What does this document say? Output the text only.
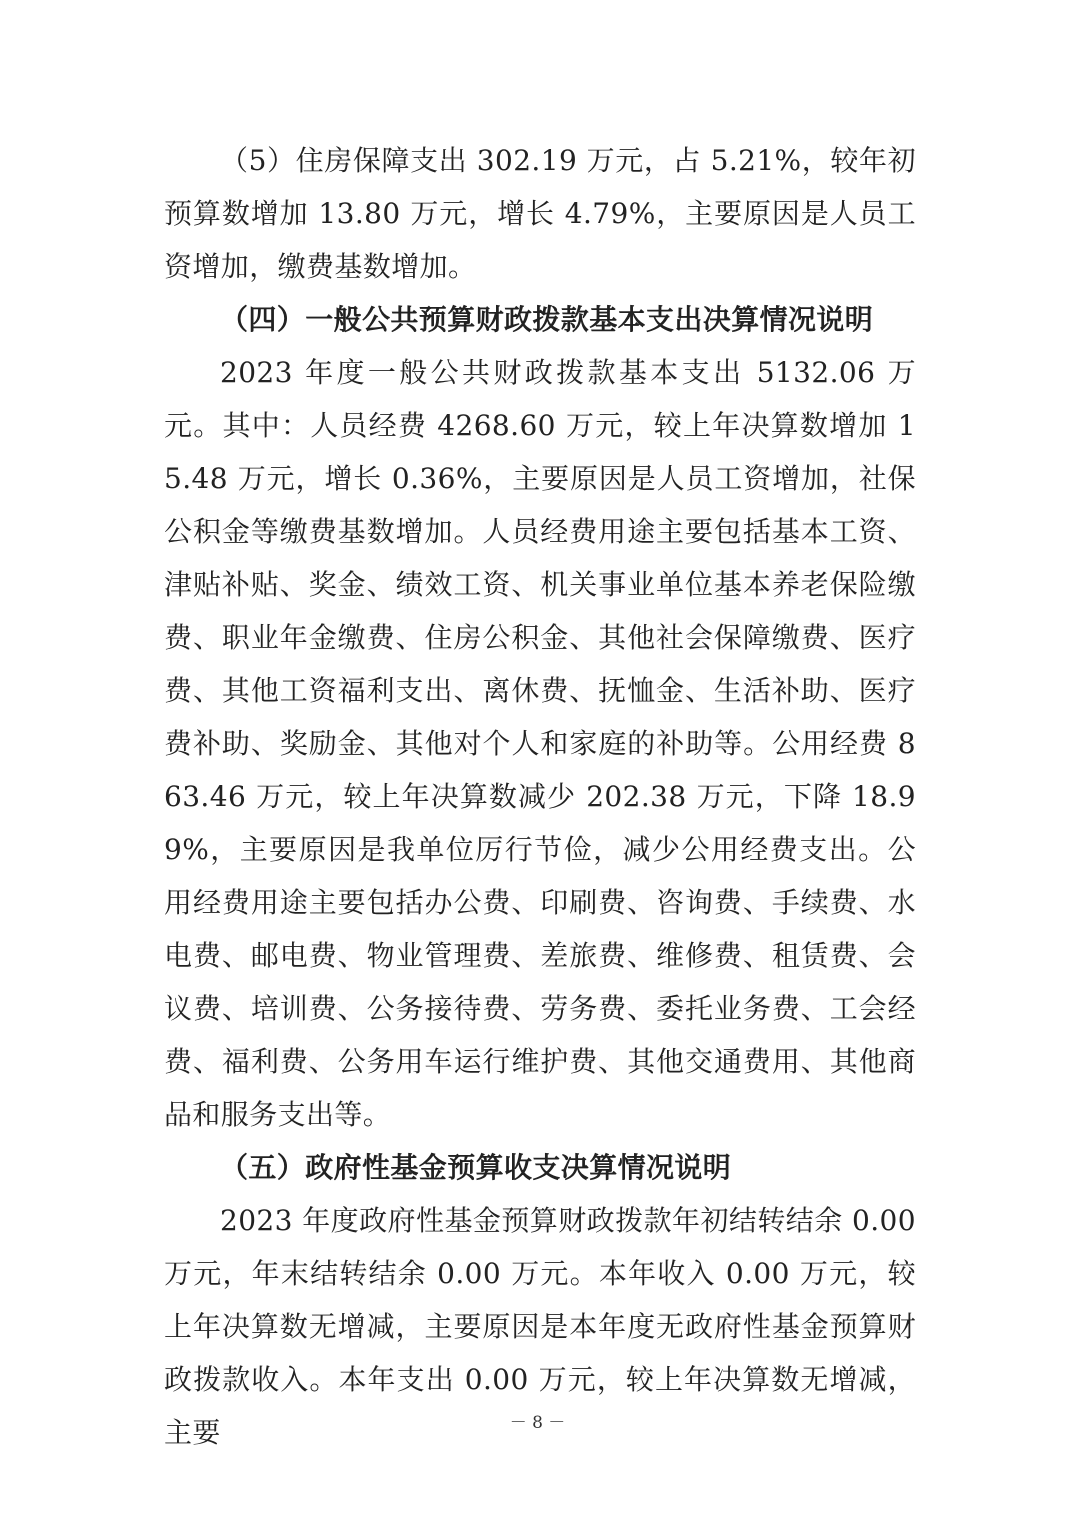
（5）住房保障支出 302.19 万元，占 5.21%，较年初预算数增加 13.80 万元，增长 4.79%，主要原因是人员工资增加，缴费基数增加。

（四）一般公共预算财政拨款基本支出决算情况说明

2023 年度一般公共财政拨款基本支出 5132.06 万元。其中：人员经费 4268.60 万元，较上年决算数增加 15.48 万元，增长 0.36%，主要原因是人员工资增加，社保公积金等缴费基数增加。人员经费用途主要包括基本工资、津贴补贴、奖金、绩效工资、机关事业单位基本养老保险缴费、职业年金缴费、住房公积金、其他社会保障缴费、医疗费、其他工资福利支出、离休费、抚恤金、生活补助、医疗费补助、奖励金、其他对个人和家庭的补助等。公用经费 863.46 万元，较上年决算数减少 202.38 万元，下降 18.99%，主要原因是我单位厉行节俭，减少公用经费支出。公用经费用途主要包括办公费、印刷费、咨询费、手续费、水电费、邮电费、物业管理费、差旅费、维修费、租赁费、会议费、培训费、公务接待费、劳务费、委托业务费、工会经费、福利费、公务用车运行维护费、其他交通费用、其他商品和服务支出等。

（五）政府性基金预算收支决算情况说明

2023 年度政府性基金预算财政拨款年初结转结余 0.00 万元，年末结转结余 0.00 万元。本年收入 0.00 万元，较上年决算数无增减，主要原因是本年度无政府性基金预算财政拨款收入。本年支出 0.00 万元，较上年决算数无增减，主要	－ 8 －
